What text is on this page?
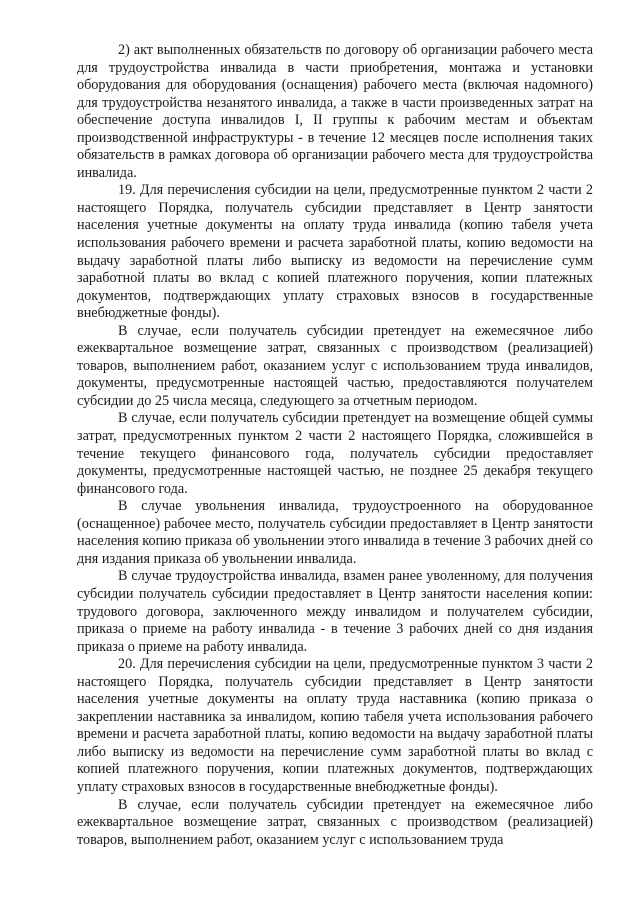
2) акт выполненных обязательств по договору об организации рабочего места для трудоустройства инвалида в части приобретения, монтажа и установки оборудования для оборудования (оснащения) рабочего места (включая надомного) для трудоустройства незанятого инвалида, а также в части произведенных затрат на обеспечение доступа инвалидов I, II группы к рабочим местам и объектам производственной инфраструктуры - в течение 12 месяцев после исполнения таких обязательств в рамках договора об организации рабочего места для трудоустройства инвалида.

19. Для перечисления субсидии на цели, предусмотренные пунктом 2 части 2 настоящего Порядка, получатель субсидии представляет в Центр занятости населения учетные документы на оплату труда инвалида (копию табеля учета использования рабочего времени и расчета заработной платы, копию ведомости на выдачу заработной платы либо выписку из ведомости на перечисление сумм заработной платы во вклад с копией платежного поручения, копии платежных документов, подтверждающих уплату страховых взносов в государственные внебюджетные фонды).

В случае, если получатель субсидии претендует на ежемесячное либо ежеквартальное возмещение затрат, связанных с производством (реализацией) товаров, выполнением работ, оказанием услуг с использованием труда инвалидов, документы, предусмотренные настоящей частью, предоставляются получателем субсидии до 25 числа месяца, следующего за отчетным периодом.

В случае, если получатель субсидии претендует на возмещение общей суммы затрат, предусмотренных пунктом 2 части 2 настоящего Порядка, сложившейся в течение текущего финансового года, получатель субсидии предоставляет документы, предусмотренные настоящей частью, не позднее 25 декабря текущего финансового года.

В случае увольнения инвалида, трудоустроенного на оборудованное (оснащенное) рабочее место, получатель субсидии предоставляет в Центр занятости населения копию приказа об увольнении этого инвалида в течение 3 рабочих дней со дня издания приказа об увольнении инвалида.

В случае трудоустройства инвалида, взамен ранее уволенному, для получения субсидии получатель субсидии предоставляет в Центр занятости населения копии: трудового договора, заключенного между инвалидом и получателем субсидии, приказа о приеме на работу инвалида - в течение 3 рабочих дней со дня издания приказа о приеме на работу инвалида.

20. Для перечисления субсидии на цели, предусмотренные пунктом 3 части 2 настоящего Порядка, получатель субсидии представляет в Центр занятости населения учетные документы на оплату труда наставника (копию приказа о закреплении наставника за инвалидом, копию табеля учета использования рабочего времени и расчета заработной платы, копию ведомости на выдачу заработной платы либо выписку из ведомости на перечисление сумм заработной платы во вклад с копией платежного поручения, копии платежных документов, подтверждающих уплату страховых взносов в государственные внебюджетные фонды).

В случае, если получатель субсидии претендует на ежемесячное либо ежеквартальное возмещение затрат, связанных с производством (реализацией) товаров, выполнением работ, оказанием услуг с использованием труда
